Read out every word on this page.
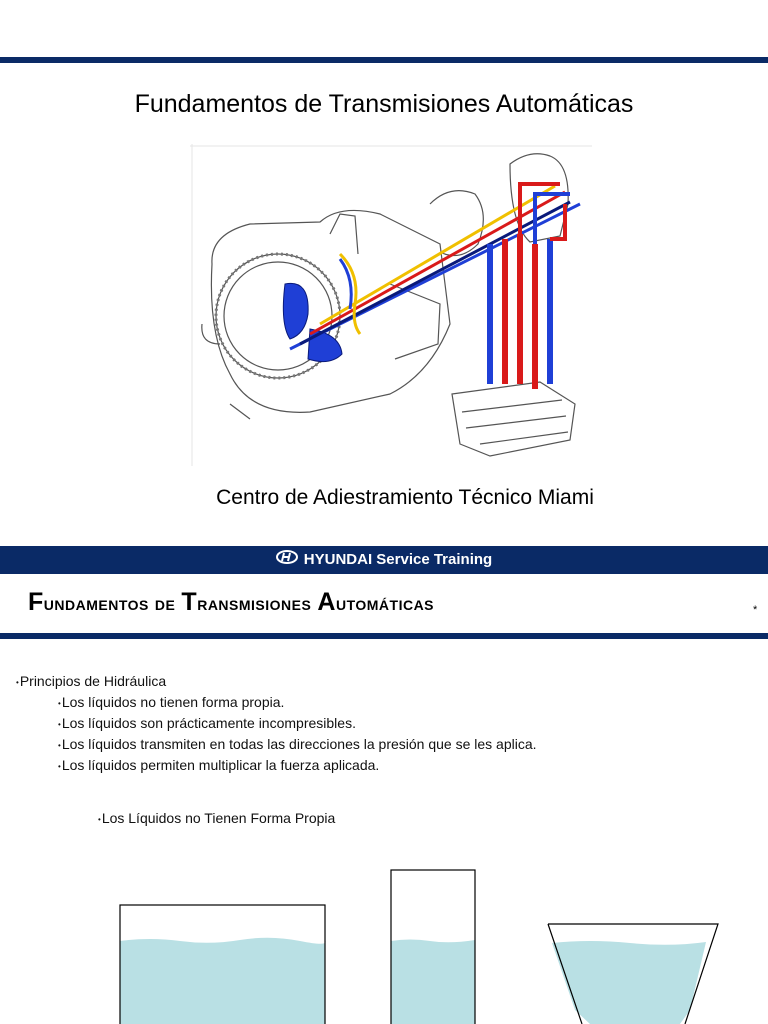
Fundamentos de Transmisiones Automáticas
Centro de Adiestramiento Técnico Miami
HYUNDAI Service Training
Fundamentos de Transmisiones Automáticas	*
• Principios de Hidráulica
• Los líquidos no tienen forma propia.
• Los líquidos son prácticamente incompresibles.
• Los líquidos transmiten en todas las direcciones la presión que se les aplica.
• Los líquidos permiten multiplicar la fuerza aplicada.
• Los Líquidos no Tienen Forma Propia
